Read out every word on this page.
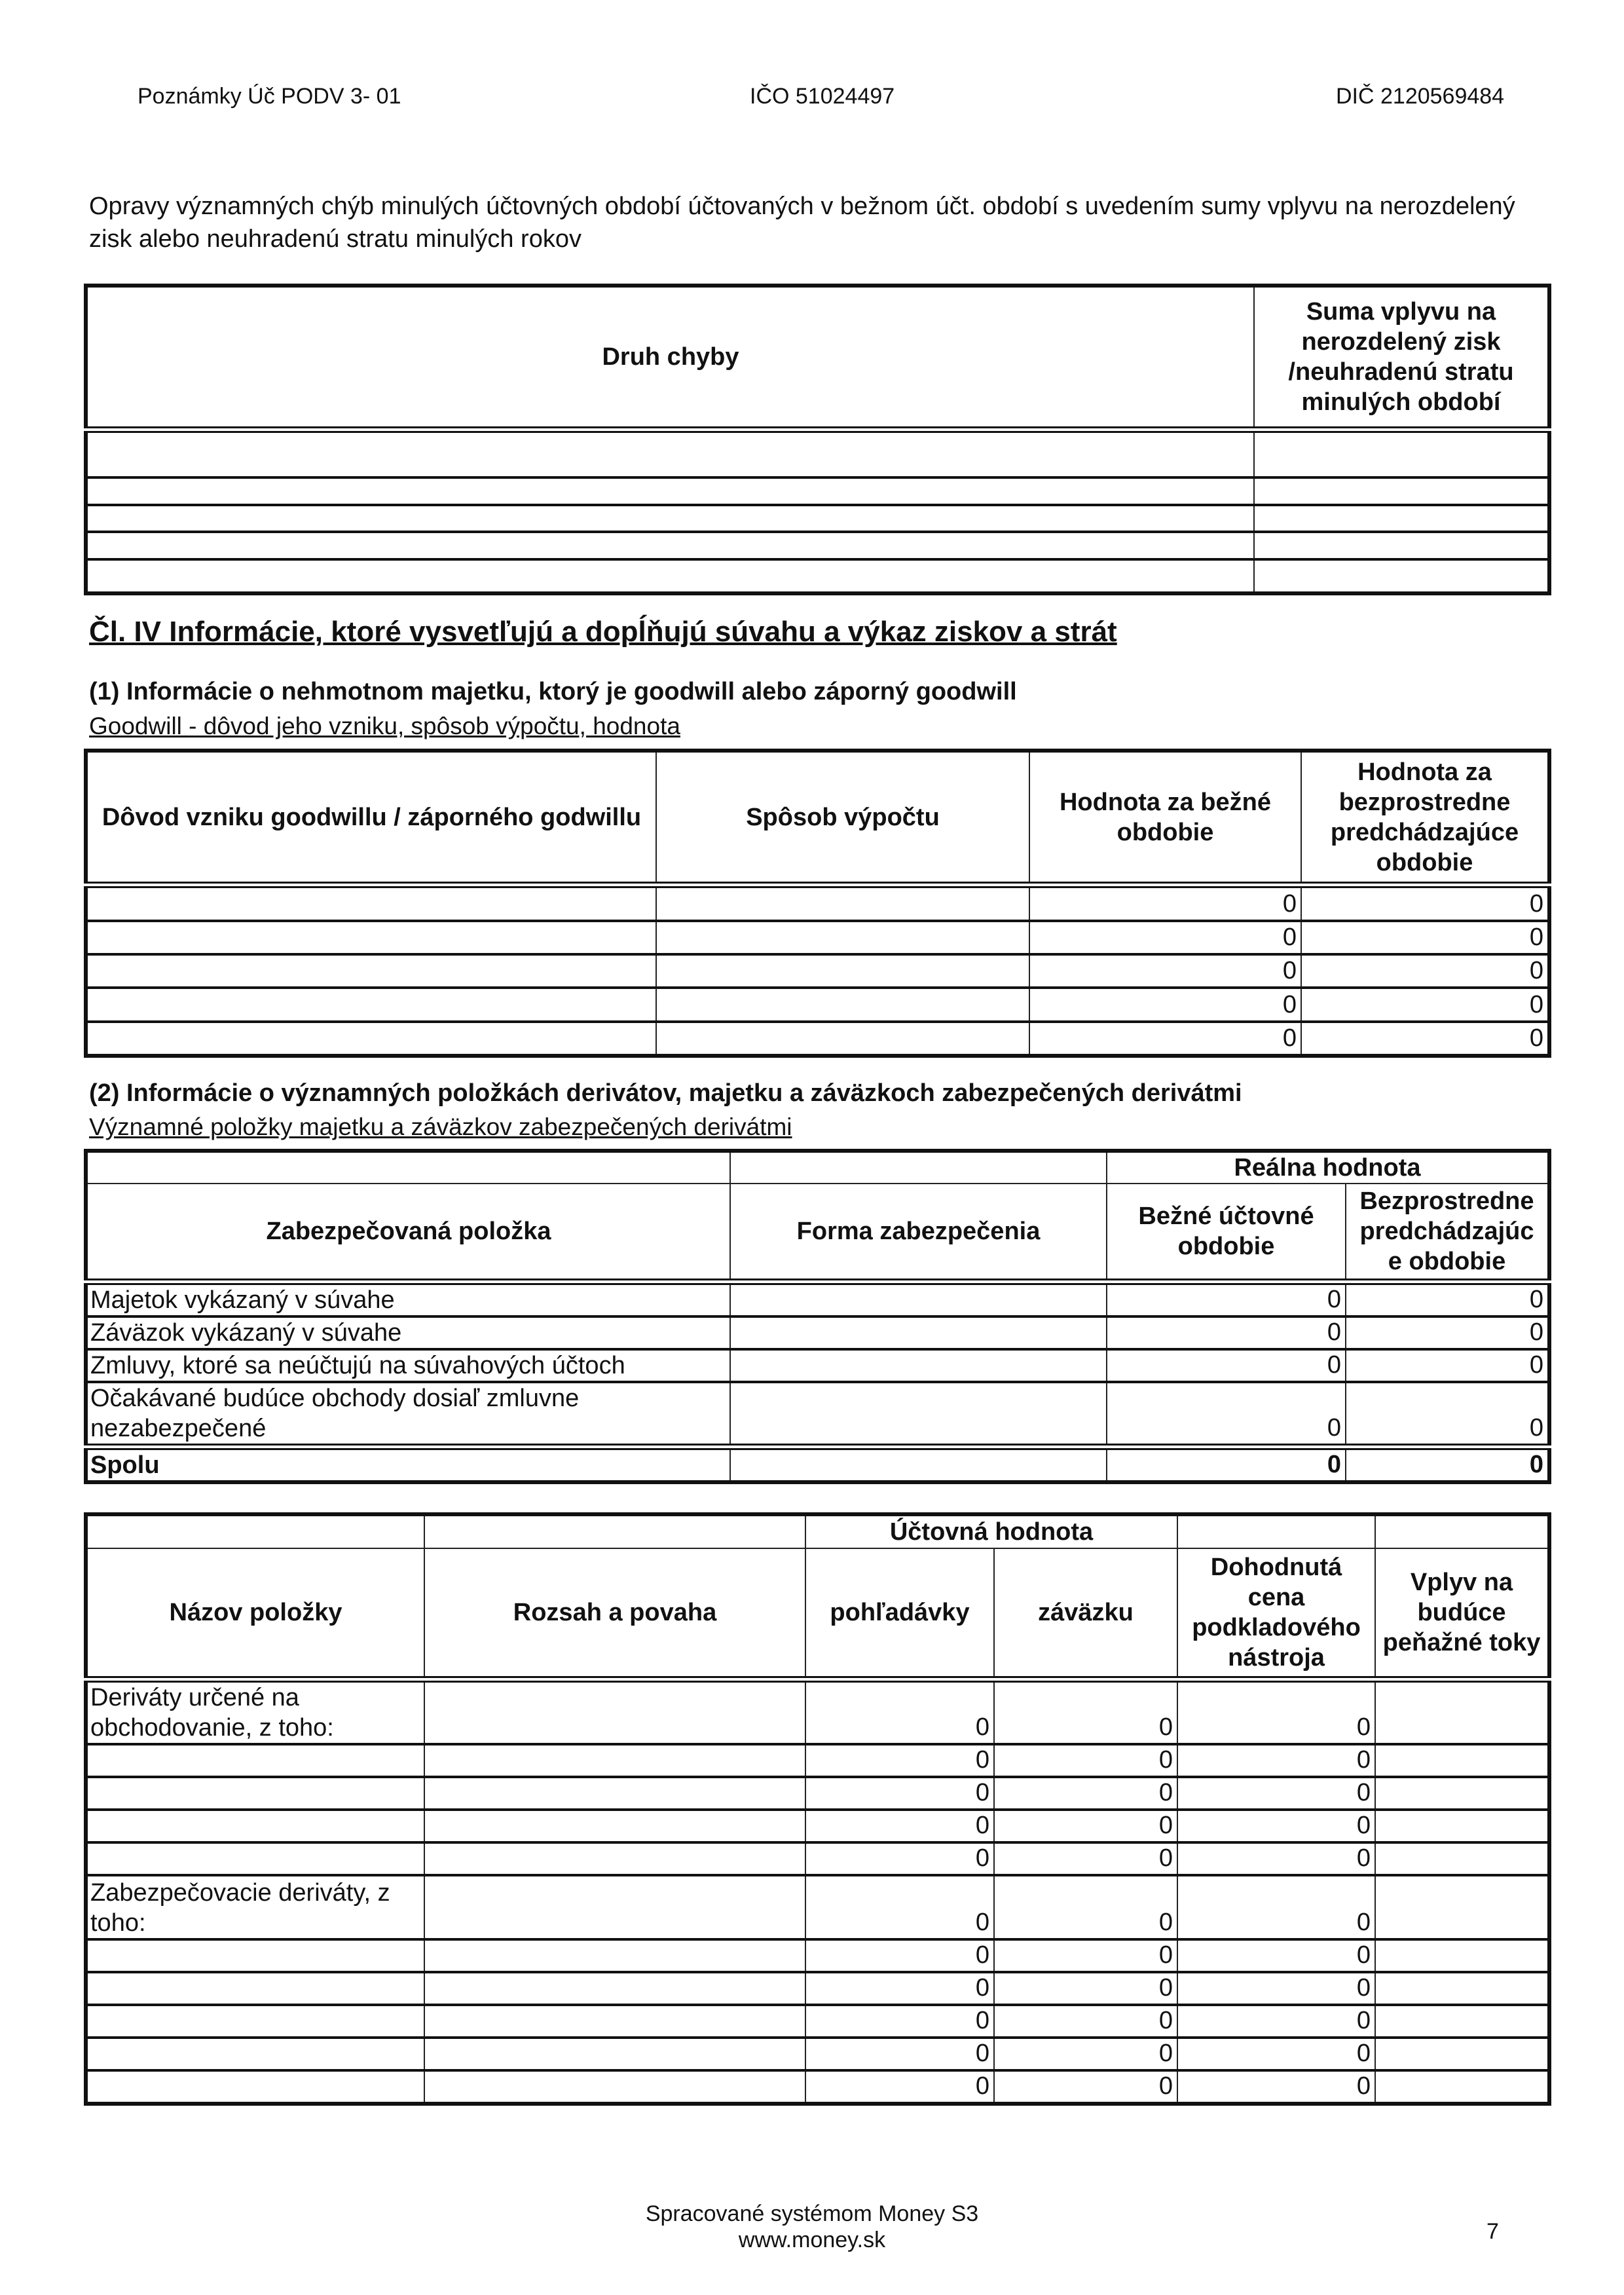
Poznámky Úč PODV 3- 01	IČO 51024497	DIČ 2120569484
Opravy významných chýb minulých účtovných období účtovaných v bežnom účt. období s uvedením sumy vplyvu na nerozdelený zisk alebo neuhradenú stratu minulých rokov
Druh chyby	Suma vplyvu na nerozdelený zisk /neuhradenú stratu minulých období

Čl. IV Informácie, ktoré vysvetľujú a dopĺňujú súvahu a výkaz ziskov a strát
(1) Informácie o nehmotnom majetku, ktorý je goodwill alebo záporný goodwill
Goodwill - dôvod jeho vzniku, spôsob výpočtu, hodnota
Dôvod vzniku goodwillu / záporného godwillu	Spôsob výpočtu	Hodnota za bežné obdobie	Hodnota za bezprostredne predchádzajúce obdobie
		0	0
		0	0
		0	0
		0	0
		0	0
(2) Informácie o významných položkách derivátov, majetku a záväzkoch zabezpečených derivátmi
Významné položky majetku a záväzkov zabezpečených derivátmi
		Reálna hodnota	
Zabezpečovaná položka	Forma zabezpečenia	Bežné účtovné obdobie	Bezprostredne predchádzajúc e obdobie
Majetok vykázaný v súvahe		0	0
Záväzok vykázaný v súvahe		0	0
Zmluvy, ktoré sa neúčtujú na súvahových účtoch		0	0
Očakávané budúce obchody dosiaľ zmluvne nezabezpečené		0	0
Spolu		0	0
		Účtovná hodnota			
Názov položky	Rozsah a povaha	pohľadávky	záväzku	Dohodnutá cena podkladového nástroja	Vplyv na budúce peňažné toky
Deriváty určené na obchodovanie, z toho:		0	0	0	
		0	0	0	
		0	0	0	
		0	0	0	
		0	0	0	
Zabezpečovacie deriváty, z toho:		0	0	0	
		0	0	0	
		0	0	0	
		0	0	0	
		0	0	0	
		0	0	0	
Spracované systémom Money S3
www.money.sk	7
